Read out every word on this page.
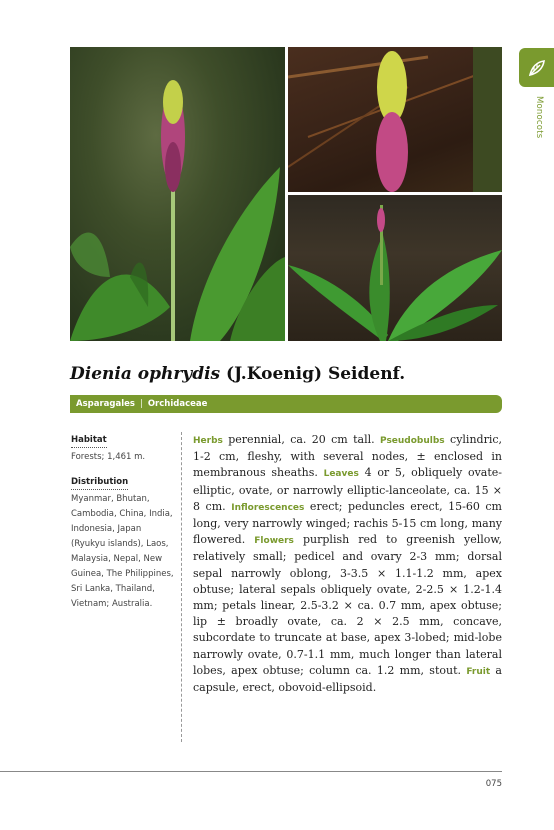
Monocots
Dienia ophrydis (J.Koenig) Seidenf.
Asparagales | Orchidaceae
Habitat
Forests; 1,461 m.
Distribution
Myanmar, Bhutan, Cambodia, China, India, Indonesia, Japan (Ryukyu islands), Laos, Malaysia, Nepal, New Guinea, The Philippines, Sri Lanka, Thailand, Vietnam; Australia.
Herbs perennial, ca. 20 cm tall. Pseudobulbs cylindric, 1-2 cm, fleshy, with several nodes, ± enclosed in membranous sheaths. Leaves 4 or 5, obliquely ovate-elliptic, ovate, or narrowly elliptic-lanceolate, ca. 15 × 8 cm. Inflorescences erect; peduncles erect, 15-60 cm long, very narrowly winged; rachis 5-15 cm long, many flowered. Flowers purplish red to greenish yellow, relatively small; pedicel and ovary 2-3 mm; dorsal sepal narrowly oblong, 3-3.5 × 1.1-1.2 mm, apex obtuse; lateral sepals obliquely ovate, 2-2.5 × 1.2-1.4 mm; petals linear, 2.5-3.2 × ca. 0.7 mm, apex obtuse; lip ± broadly ovate, ca. 2 × 2.5 mm, concave, subcordate to truncate at base, apex 3-lobed; mid-lobe narrowly ovate, 0.7-1.1 mm, much longer than lateral lobes, apex obtuse; column ca. 1.2 mm, stout. Fruit a capsule, erect, obovoid-ellipsoid.
075
